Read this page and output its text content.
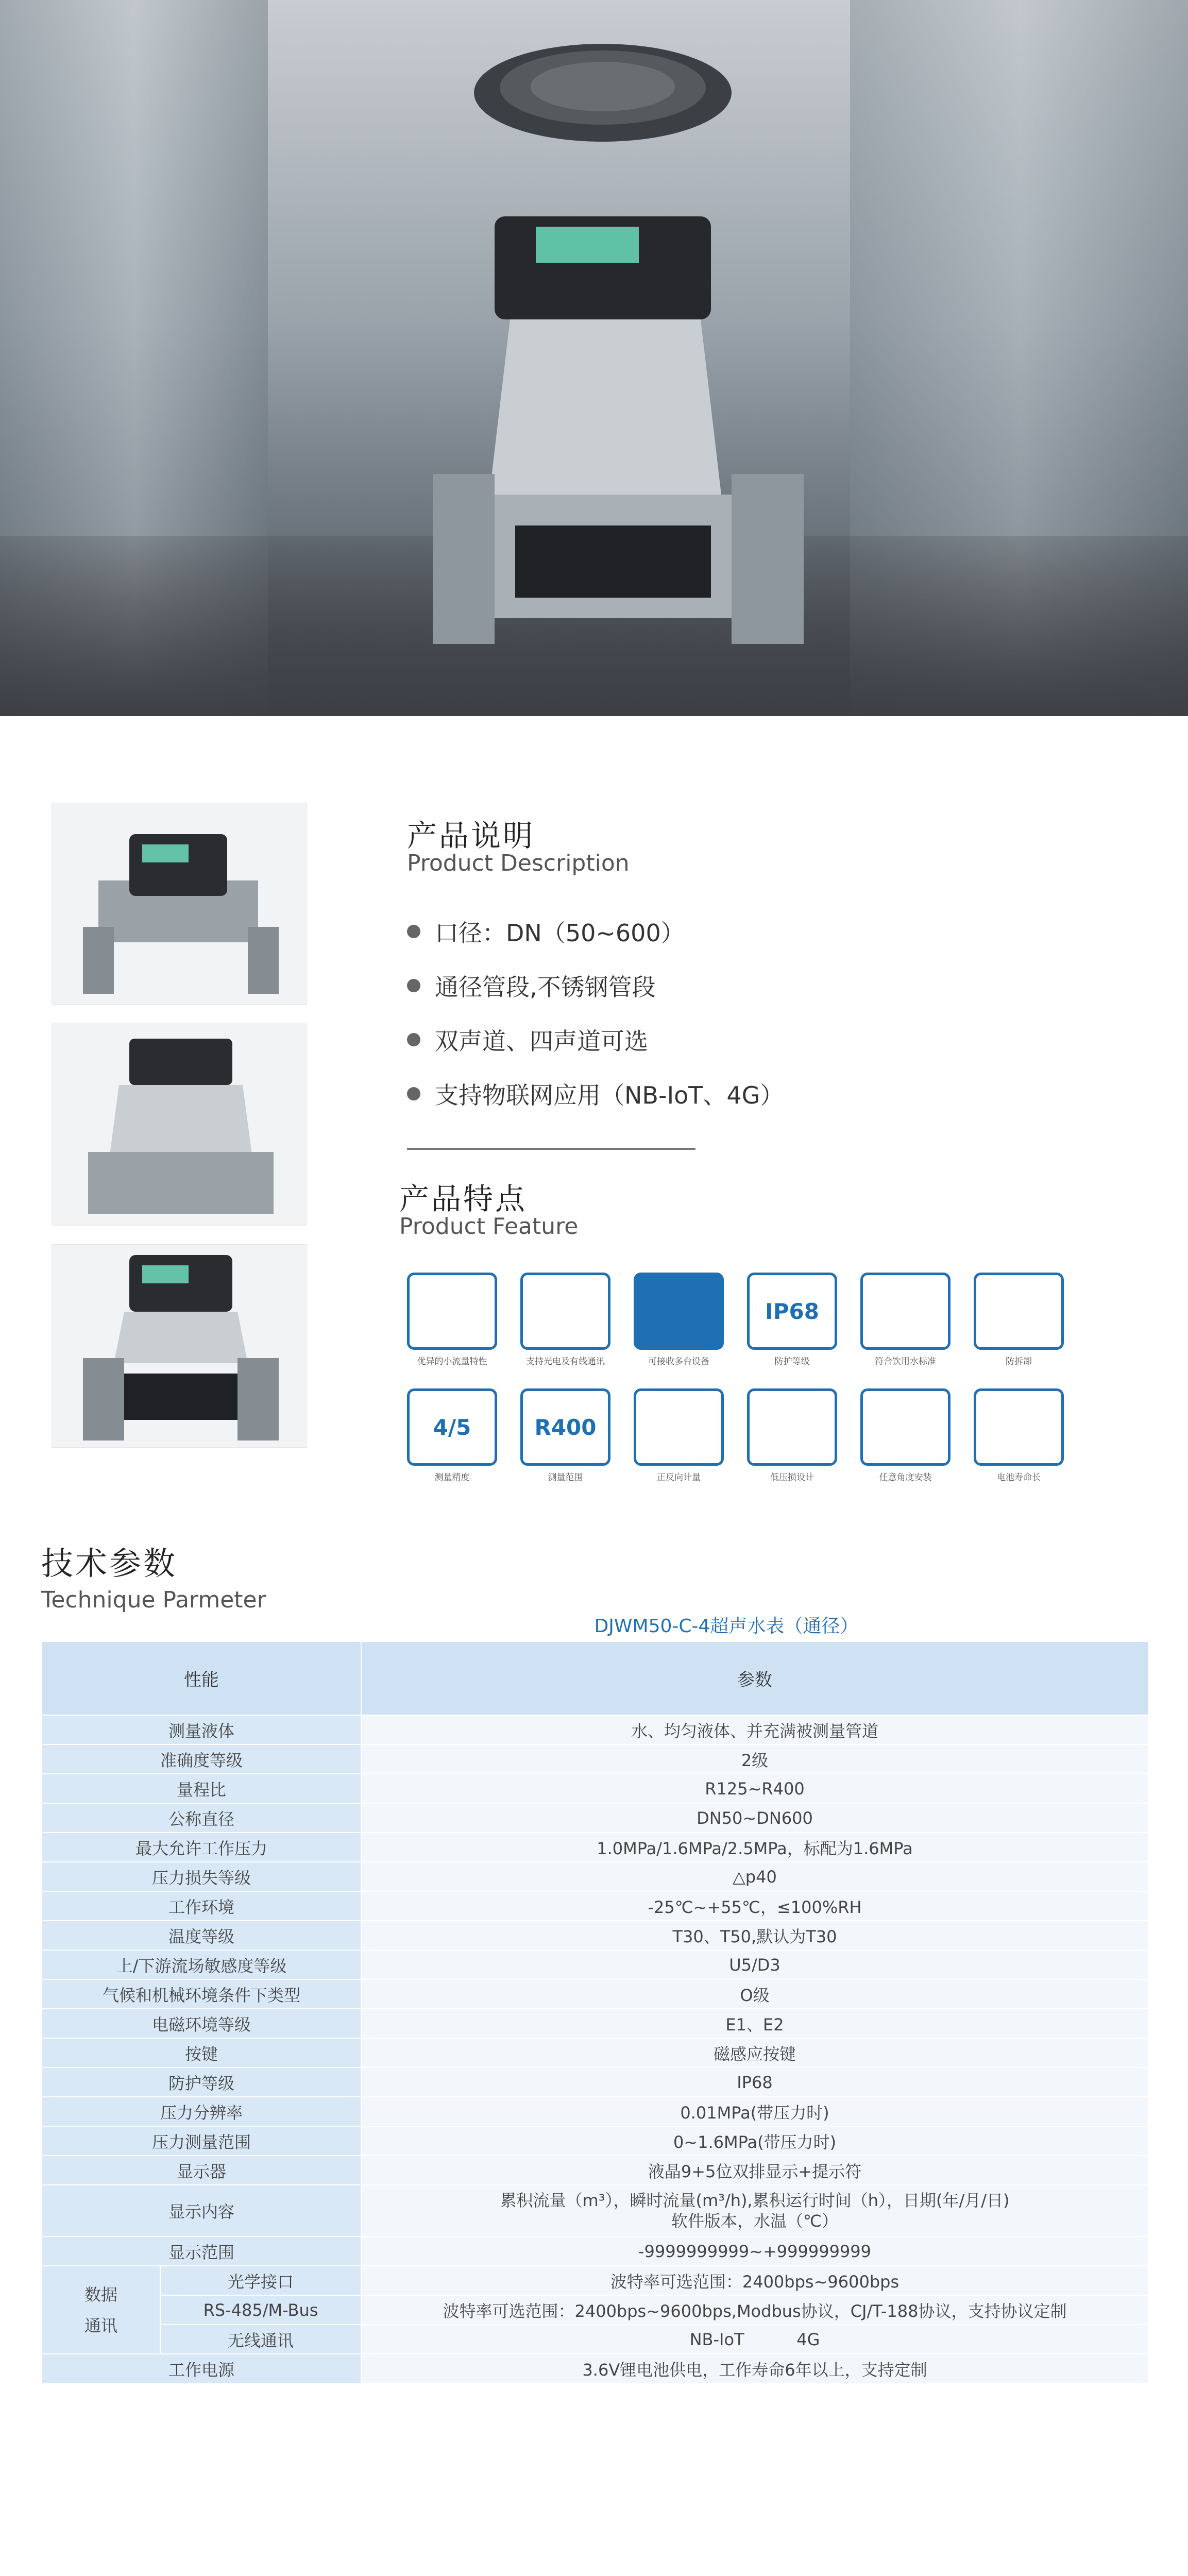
产品说明
Product Description
口径：DN（50~600）
通径管段,不锈钢管段
双声道、四声道可选
支持物联网应用（NB-IoT、4G）
产品特点
Product Feature
优异的小流量特性	支持光电及有线通讯	可接收多台设备
IP68
防护等级	符合饮用水标准	防拆卸
4/5
测量精度
R400
测量范围	正反向计量	低压损设计	任意角度安装	电池寿命长
技术参数
Technique Parmeter
DJWM50-C-4超声水表（通径）
性能		参数
测量液体		水、均匀液体、并充满被测量管道
准确度等级		2级
量程比		R125~R400
公称直径		DN50~DN600
最大允许工作压力		1.0MPa/1.6MPa/2.5MPa，标配为1.6MPa
压力损失等级		△p40
工作环境		-25℃~+55℃，≤100%RH
温度等级		T30、T50,默认为T30
上/下游流场敏感度等级		U5/D3
气候和机械环境条件下类型		O级
电磁环境等级		E1、E2
按键		磁感应按键
防护等级		IP68
压力分辨率		0.01MPa(带压力时)
压力测量范围		0~1.6MPa(带压力时)
显示器		液晶9+5位双排显示+提示符
显示内容		累积流量（m³），瞬时流量(m³/h),累积运行时间（h），日期(年/月/日)
软件版本，水温（℃）
显示范围		-9999999999~+999999999
数据
通讯	光学接口	波特率可选范围：2400bps~9600bps
	RS-485/M-Bus	波特率可选范围：2400bps~9600bps,Modbus协议，CJ/T-188协议，支持协议定制
	无线通讯	NB-IoT          4G
工作电源		3.6V锂电池供电，工作寿命6年以上，支持定制
